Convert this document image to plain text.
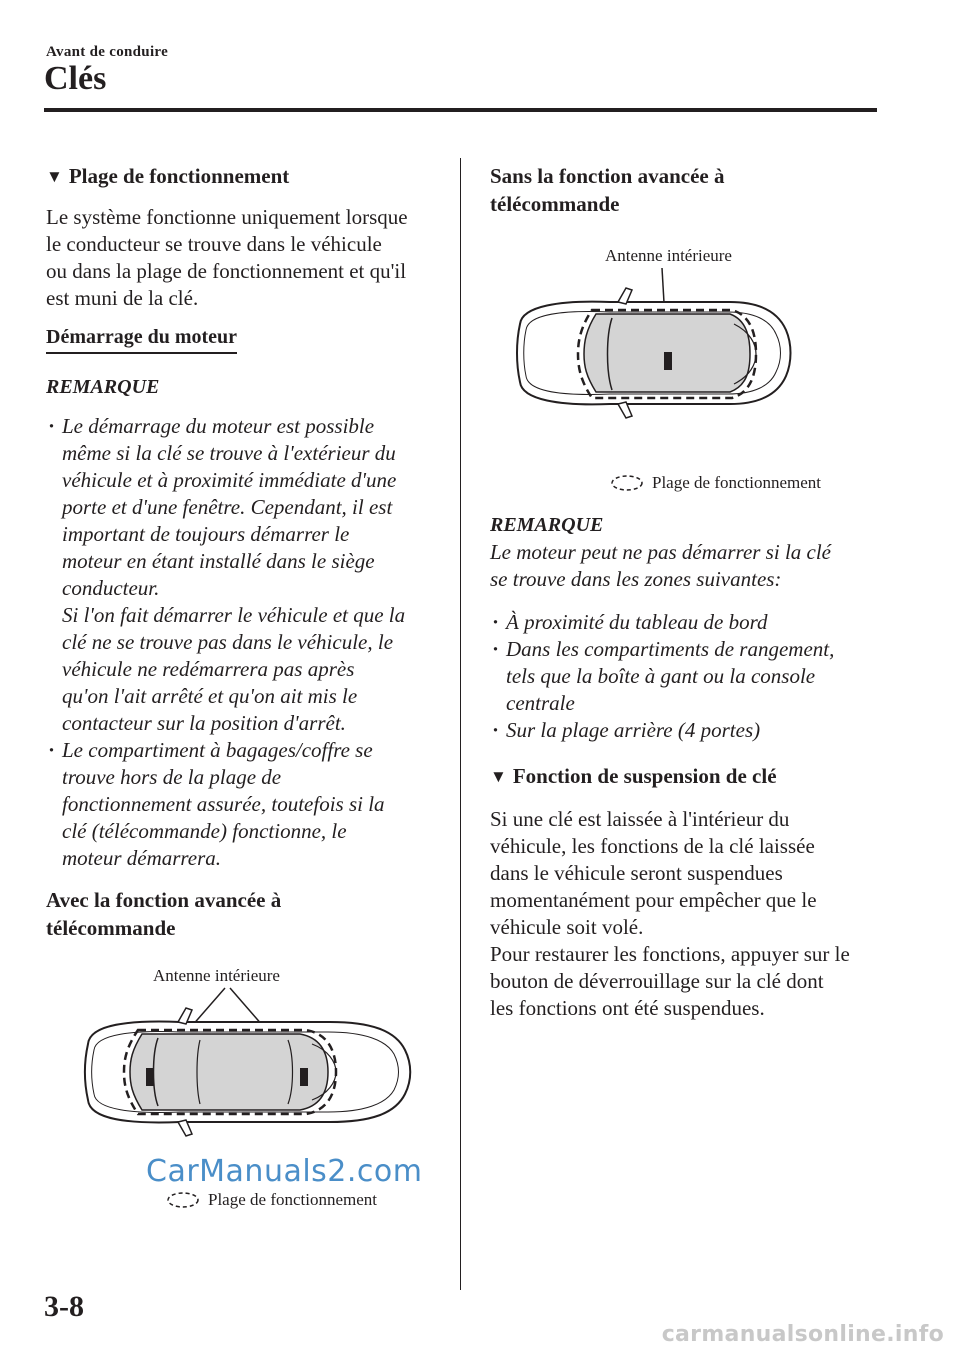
Avant de conduire
Clés
▼ Plage de fonctionnement

Le système fonctionne uniquement lorsque
le conducteur se trouve dans le véhicule
ou dans la plage de fonctionnement et qu'il
est muni de la clé.

Démarrage du moteur
REMARQUE
· Le démarrage du moteur est possible
même si la clé se trouve à l'extérieur du
véhicule et à proximité immédiate d'une
porte et d'une fenêtre. Cependant, il est
important de toujours démarrer le
moteur en étant installé dans le siège
conducteur.
Si l'on fait démarrer le véhicule et que la
clé ne se trouve pas dans le véhicule, le
véhicule ne redémarrera pas après
qu'on l'ait arrêté et qu'on ait mis le
contacteur sur la position d'arrêt.
· Le compartiment à bagages/coffre se
trouve hors de la plage de
fonctionnement assurée, toutefois si la
clé (télécommande) fonctionne, le
moteur démarrera.
Avec la fonction avancée à
télécommande
Antenne intérieure
CarManuals2.com
Plage de fonctionnement
Sans la fonction avancée à
télécommande
Antenne intérieure
Plage de fonctionnement
REMARQUE

Le moteur peut ne pas démarrer si la clé
se trouve dans les zones suivantes:

· À proximité du tableau de bord
· Dans les compartiments de rangement,
tels que la boîte à gant ou la console
centrale
· Sur la plage arrière (4 portes)
▼ Fonction de suspension de clé

Si une clé est laissée à l'intérieur du
véhicule, les fonctions de la clé laissée
dans le véhicule seront suspendues
momentanément pour empêcher que le
véhicule soit volé.
Pour restaurer les fonctions, appuyer sur le
bouton de déverrouillage sur la clé dont
les fonctions ont été suspendues.

3-8
carmanualsonline.info
